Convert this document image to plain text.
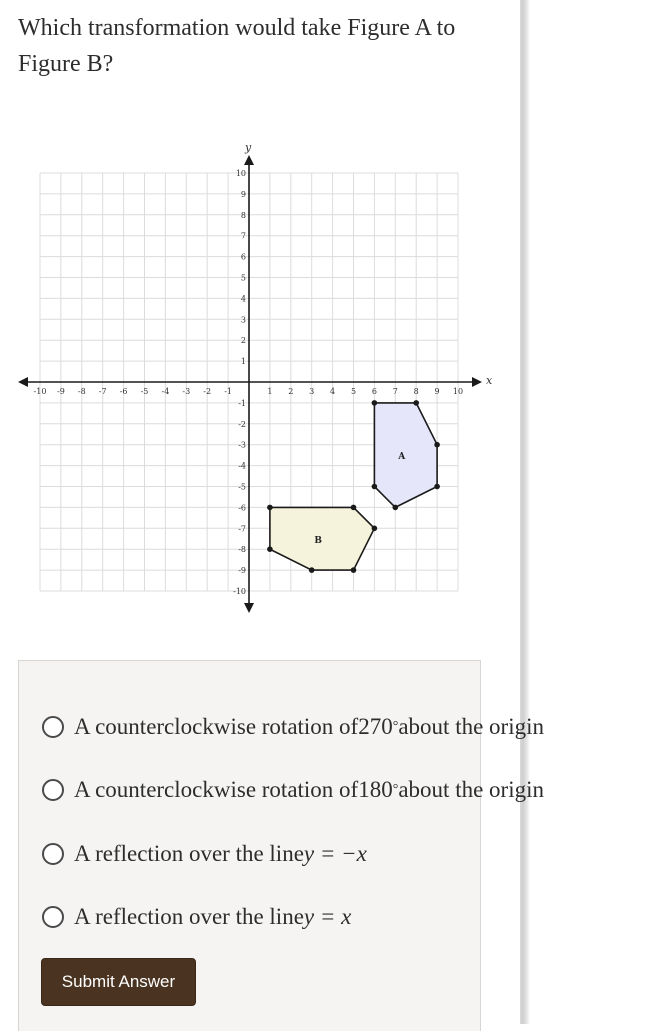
Which transformation would take Figure A to Figure B?
x
y
-10 -9 -8 -7 -6 -5 -4 -3 -2 -1	1 2 3 4 5 6 7 8 9 10
-10
-9
-8
-7
-6
-5
-4
-3
-2
-1
1
2
3
4
5
6
7
8
9
10
A
B
A counterclockwise rotation of 270 ° about the origin
A counterclockwise rotation of 180 ° about the origin
A reflection over the line y = −x
A reflection over the line y = x
Submit Answer
